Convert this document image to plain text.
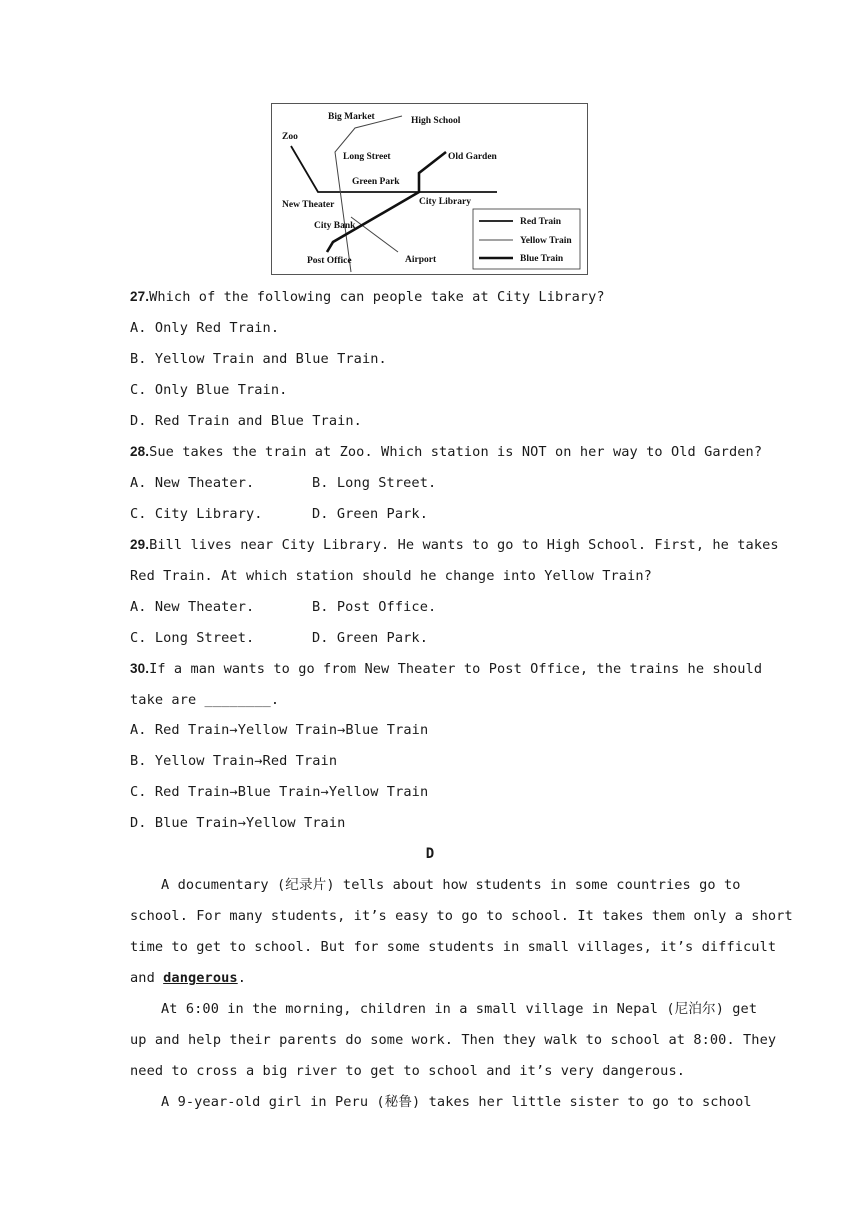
Big Market	High School
Zoo
Long Street	Old Garden
Green Park
New Theater	City Library
City Bank
Post Office	Airport
Red Train
Yellow Train
Blue Train
27.Which of the following can people take at City Library?
A. Only Red Train.
B. Yellow Train and Blue Train.
C. Only Blue Train.
D. Red Train and Blue Train.
28.Sue takes the train at Zoo. Which station is NOT on her way to Old Garden?
A. New Theater.	B. Long Street.
C. City Library.	D. Green Park.
29.Bill lives near City Library. He wants to go to High School. First, he takes
Red Train. At which station should he change into Yellow Train?
A. New Theater.	B. Post Office.
C. Long Street.	D. Green Park.
30.If a man wants to go from New Theater to Post Office, the trains he should
take are ________.
A. Red Train→Yellow Train→Blue Train
B. Yellow Train→Red Train
C. Red Train→Blue Train→Yellow Train
D. Blue Train→Yellow Train
D
A documentary (纪录片) tells about how students in some countries go to
school. For many students, it’s easy to go to school. It takes them only a short
time to get to school. But for some students in small villages, it’s difficult
and dangerous.
At 6:00 in the morning, children in a small village in Nepal (尼泊尔) get
up and help their parents do some work. Then they walk to school at 8:00. They
need to cross a big river to get to school and it’s very dangerous.
A 9-year-old girl in Peru (秘鲁) takes her little sister to go to school
